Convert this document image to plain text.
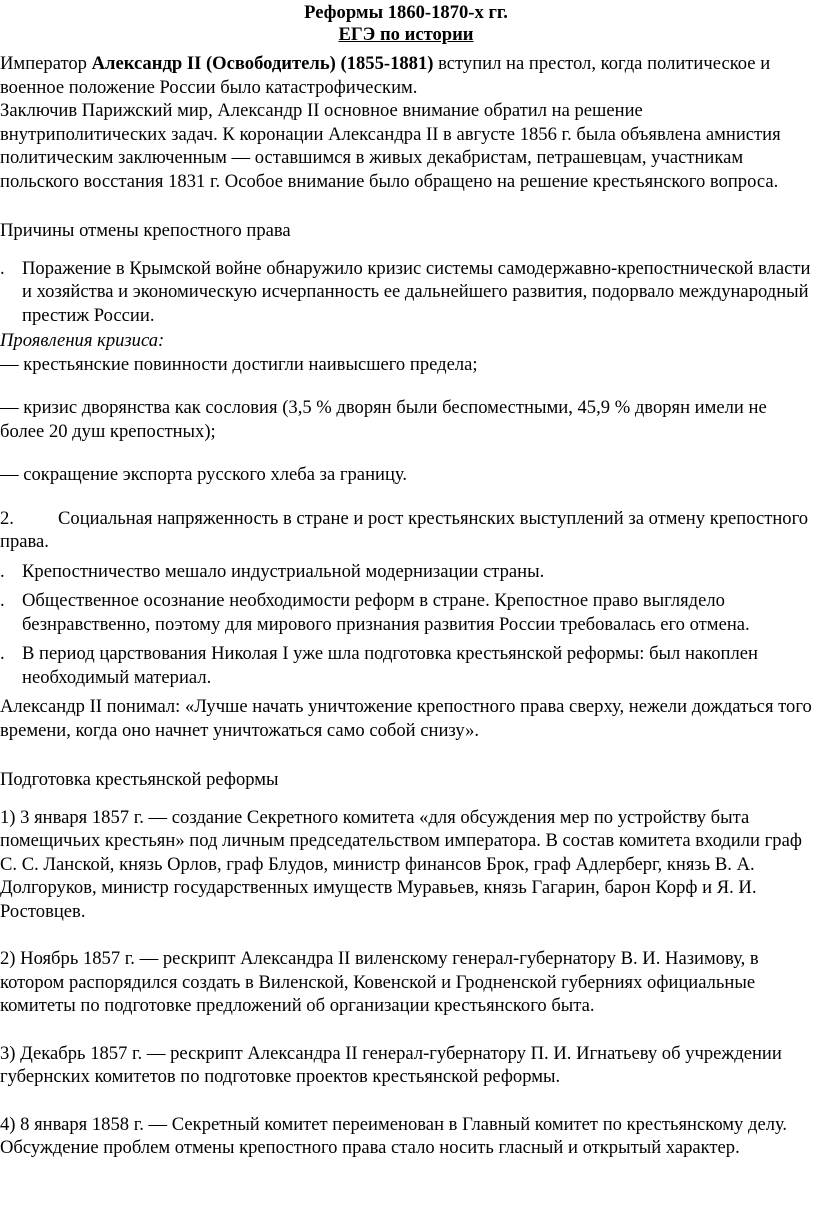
Реформы 1860-1870-х гг.

ЕГЭ по истории

Император Александр II (Освободитель) (1855-1881) вступил на престол, когда политическое и военное положение России было катастрофическим.

Заключив Парижский мир, Александр II основное внимание обратил на решение внутриполитических задач. К коронации Александра II в августе 1856 г. была объявлена амнистия политическим заключенным — оставшимся в живых декабристам, петрашевцам, участникам польского восстания 1831 г. Особое внимание было обращено на решение крестьянского вопроса.

Причины отмены крепостного права

. Поражение в Крымской войне обнаружило кризис системы самодержавно-крепостнической власти и хозяйства и экономическую исчерпанность ее дальнейшего развития, подорвало международный престиж России.

Проявления кризиса:

— крестьянские повинности достигли наивысшего предела;

— кризис дворянства как сословия (3,5 % дворян были беспоместными, 45,9 % дворян имели не более 20 душ крепостных);

— сокращение экспорта русского хлеба за границу.

2. Социальная напряженность в стране и рост крестьянских выступлений за отмену крепостного права.

. Крепостничество мешало индустриальной модернизации страны.

. Общественное осознание необходимости реформ в стране. Крепостное право выглядело безнравственно, поэтому для мирового признания развития России требовалась его отмена.

. В период царствования Николая I уже шла подготовка крестьянской реформы: был накоплен необходимый материал.

Александр II понимал: «Лучше начать уничтожение крепостного права сверху, нежели дождаться того времени, когда оно начнет уничтожаться само собой снизу».

Подготовка крестьянской реформы

1) 3 января 1857 г. — создание Секретного комитета «для обсуждения мер по устройству быта помещичьих крестьян» под личным председательством императора. В состав комитета входили граф С. С. Ланской, князь Орлов, граф Блудов, министр финансов Брок, граф Адлерберг, князь В. А. Долгоруков, министр государственных имуществ Муравьев, князь Гагарин, барон Корф и Я. И. Ростовцев.

2) Ноябрь 1857 г. — рескрипт Александра II виленскому генерал-губернатору В. И. Назимову, в котором распорядился создать в Виленской, Ковенской и Гродненской губерниях официальные комитеты по подготовке предложений об организации крестьянского быта.

3) Декабрь 1857 г. — рескрипт Александра II генерал-губернатору П. И. Игнатьеву об учреждении губернских комитетов по подготовке проектов крестьянской реформы.

4) 8 января 1858 г. — Секретный комитет переименован в Главный комитет по крестьянскому делу. Обсуждение проблем отмены крепостного права стало носить гласный и открытый характер.
